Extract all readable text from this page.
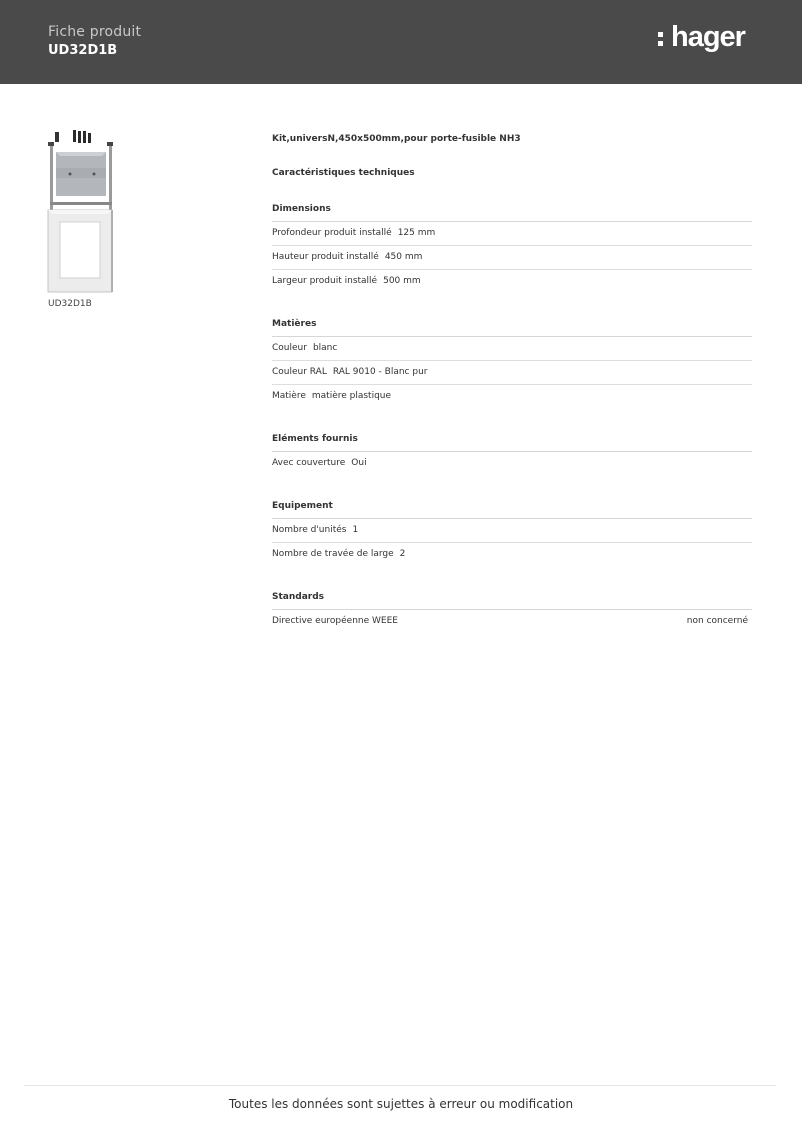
Fiche produit
UD32D1B	hager
UD32D1B
Kit,universN,450x500mm,pour porte-fusible NH3
Caractéristiques techniques
Dimensions
Profondeur produit installé 125 mm
Hauteur produit installé 450 mm
Largeur produit installé 500 mm
Matières
Couleur blanc
Couleur RAL RAL 9010 - Blanc pur
Matière matière plastique
Eléments fournis
Avec couverture Oui
Equipement
Nombre d'unités 1
Nombre de travée de large 2
Standards
Directive européenne WEEE	non concerné
Toutes les données sont sujettes à erreur ou modification
